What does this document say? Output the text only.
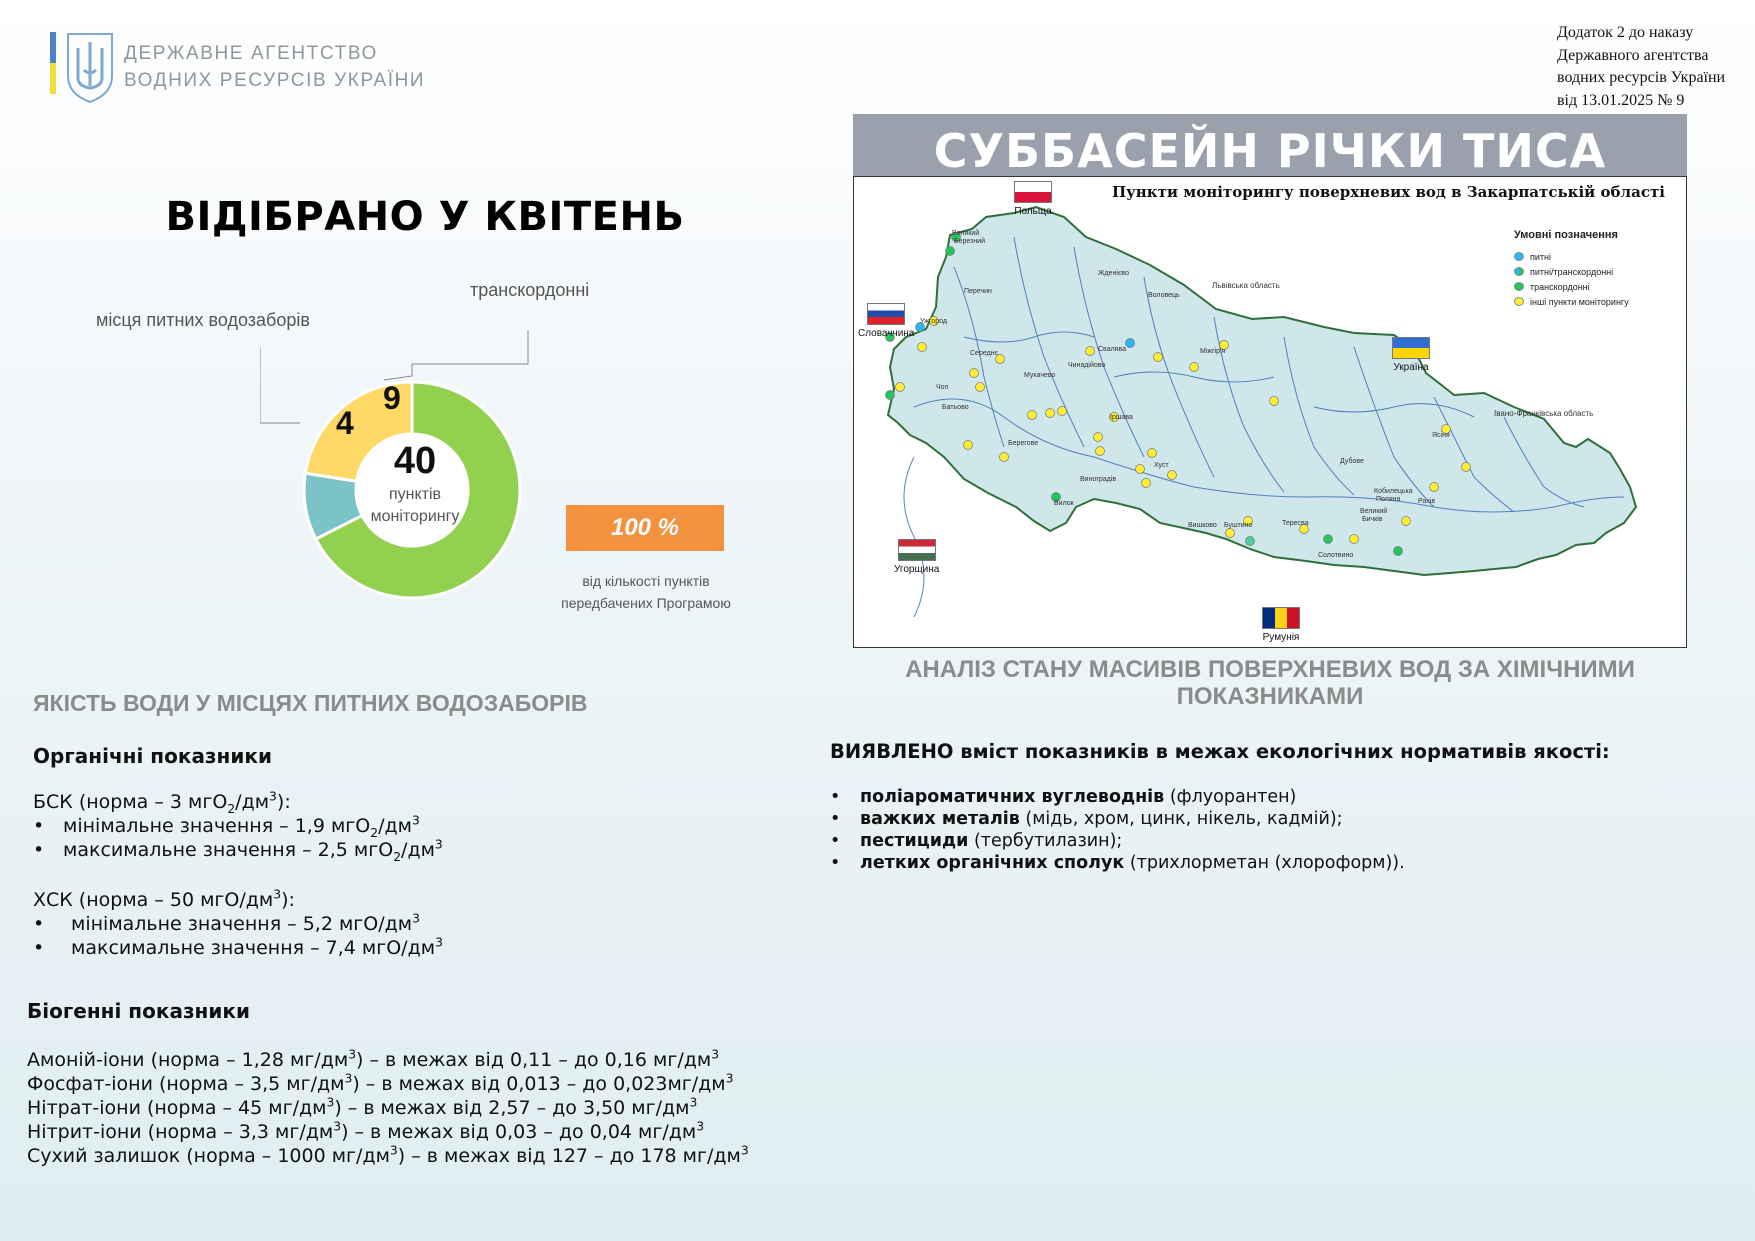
ДЕРЖАВНЕ АГЕНТСТВО
ВОДНИХ РЕСУРСІВ УКРАЇНИ
Додаток 2 до наказу
Державного агентства
водних ресурсів України
від 13.01.2025 № 9
ВІДІБРАНО У КВІТЕНЬ
транскордонні
місця питних водозаборів
40
пунктів
моніторингу
4
9
100 %
від кількості пунктів
передбачених Програмою
СУББАСЕЙН РІЧКИ ТИСА
Великий
Березний
Перечин
Ужгород
Середнє
Чоп
Батьово
Берегове
Мукачево
Чинадійово
Свалява
Жденієво
Воловець
Міжгір'я
Іршава
Виноградів
Вилок
Хуст
Вишково Буштино	Тересва
Солотвино
Великий
Бичків
Кобилецька
Поляна	Рахів
Ясіня
Дубове
Пункти моніторингу поверхневих вод в Закарпатській області
Умовні позначення
питні
питні/транскордонні
транскордонні
інші пункти моніторингу
Польща
Словаччина
Україна
Угорщина
Румунія
Львівська область
Івано-Франківська область
АНАЛІЗ СТАНУ МАСИВІВ ПОВЕРХНЕВИХ ВОД ЗА ХІМІЧНИМИ ПОКАЗНИКАМИ
ЯКІСТЬ ВОДИ У МІСЦЯХ ПИТНИХ ВОДОЗАБОРІВ
Органічні показники
БСК (норма – 3 $мгО_2/дм^3$):
• мінімальне значення – 1,9 $мгО_2/дм^3$
• максимальне значення – 2,5 $мгО_2/дм^3$
ХСК (норма – 50 мгО/$дм^3$):
• мінімальне значення – 5,2 мгО/$дм^3$
• максимальне значення – 7,4 мгО/$дм^3$
Біогенні показники
Амоній-іони (норма – 1,28 $мг/дм^3$) – в межах від 0,11 – до 0,16 $мг/дм^3$
Фосфат-іони (норма – 3,5 $мг/дм^3$) – в межах від 0,013 – до $0,023мг/дм^3$
Нітрат-іони (норма – 45 $мг/дм^3$) – в межах від 2,57 – до 3,50 $мг/дм^3$
Нітрит-іони (норма – 3,3 $мг/дм^3$) – в межах від 0,03 – до 0,04 $мг/дм^3$
Сухий залишок (норма – 1000 $мг/дм^3$) – в межах від 127 – до 178 $мг/дм^3$
ВИЯВЛЕНО вміст показників в межах екологічних нормативів якості:
• поліароматичних вуглеводнів (флуорантен)
• важких металів (мідь, хром, цинк, нікель, кадмій);
• пестициди (тербутилазин);
• летких органічних сполук (трихлорметан (хлороформ)).
